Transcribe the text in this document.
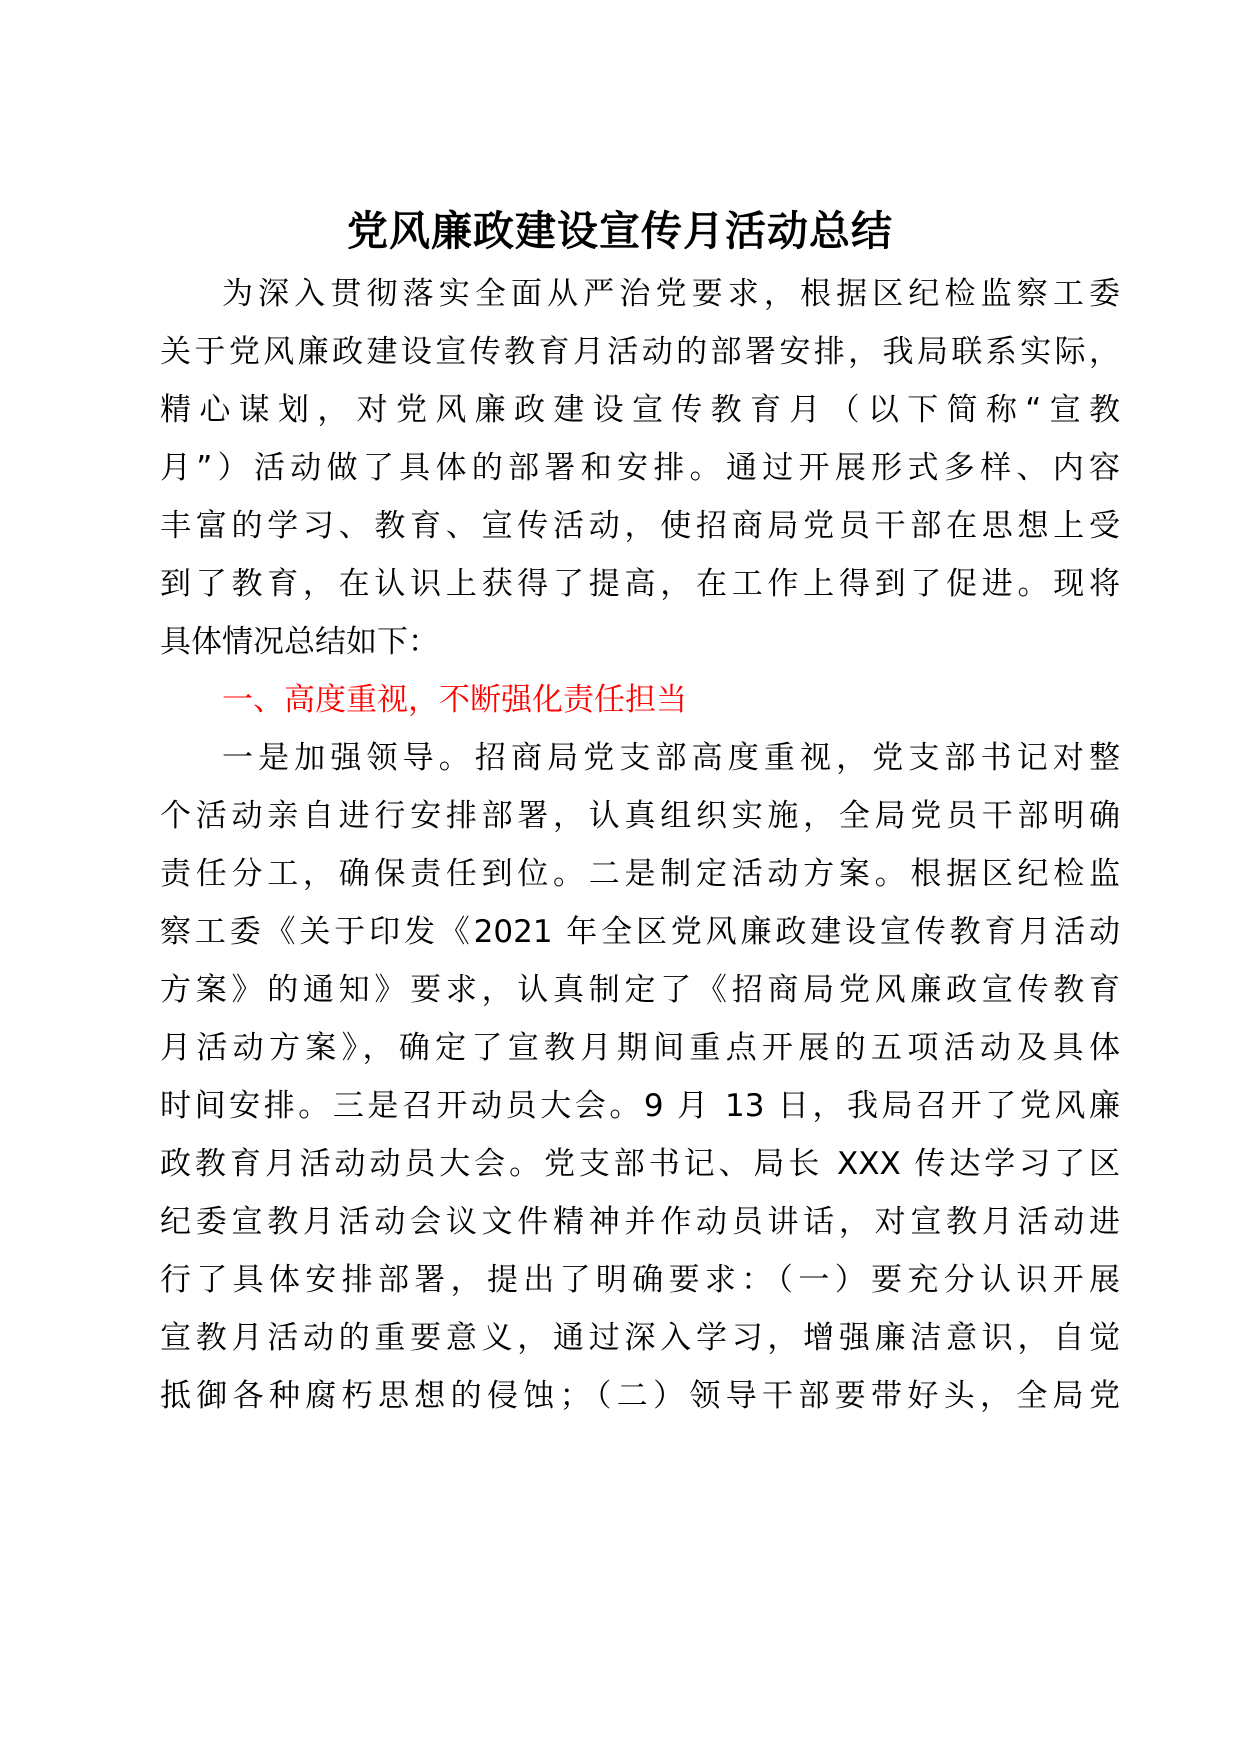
党风廉政建设宣传月活动总结
为深入贯彻落实全面从严治党要求，根据区纪检监察工委
关于党风廉政建设宣传教育月活动的部署安排，我局联系实际，
精心谋划，对党风廉政建设宣传教育月（以下简称“宣教
月”）活动做了具体的部署和安排。通过开展形式多样、内容
丰富的学习、教育、宣传活动，使招商局党员干部在思想上受
到了教育，在认识上获得了提高，在工作上得到了促进。现将
具体情况总结如下：
一、高度重视，不断强化责任担当
一是加强领导。招商局党支部高度重视，党支部书记对整
个活动亲自进行安排部署，认真组织实施，全局党员干部明确
责任分工，确保责任到位。二是制定活动方案。根据区纪检监
察工委《关于印发《2021 年全区党风廉政建设宣传教育月活动
方案》的通知》要求，认真制定了《招商局党风廉政宣传教育
月活动方案》，确定了宣教月期间重点开展的五项活动及具体
时间安排。三是召开动员大会。9 月 13 日，我局召开了党风廉
政教育月活动动员大会。党支部书记、局长 XXX 传达学习了区
纪委宣教月活动会议文件精神并作动员讲话，对宣教月活动进
行了具体安排部署，提出了明确要求：（一）要充分认识开展
宣教月活动的重要意义，通过深入学习，增强廉洁意识，自觉
抵御各种腐朽思想的侵蚀；（二）领导干部要带好头，全局党
